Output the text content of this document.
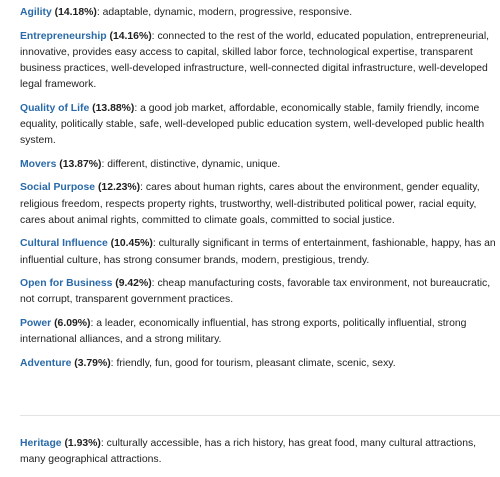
Agility (14.18%): adaptable, dynamic, modern, progressive, responsive.

Entrepreneurship (14.16%): connected to the rest of the world, educated population, entrepreneurial, innovative, provides easy access to capital, skilled labor force, technological expertise, transparent business practices, well-developed infrastructure, well-connected digital infrastructure, well-developed legal framework.

Quality of Life (13.88%): a good job market, affordable, economically stable, family friendly, income equality, politically stable, safe, well-developed public education system, well-developed public health system.

Movers (13.87%): different, distinctive, dynamic, unique.

Social Purpose (12.23%): cares about human rights, cares about the environment, gender equality, religious freedom, respects property rights, trustworthy, well-distributed political power, racial equity, cares about animal rights, committed to climate goals, committed to social justice.

Cultural Influence (10.45%): culturally significant in terms of entertainment, fashionable, happy, has an influential culture, has strong consumer brands, modern, prestigious, trendy.

Open for Business (9.42%): cheap manufacturing costs, favorable tax environment, not bureaucratic, not corrupt, transparent government practices.

Power (6.09%): a leader, economically influential, has strong exports, politically influential, strong international alliances, and a strong military.

Adventure (3.79%): friendly, fun, good for tourism, pleasant climate, scenic, sexy.

Heritage (1.93%): culturally accessible, has a rich history, has great food, many cultural attractions, many geographical attractions.
